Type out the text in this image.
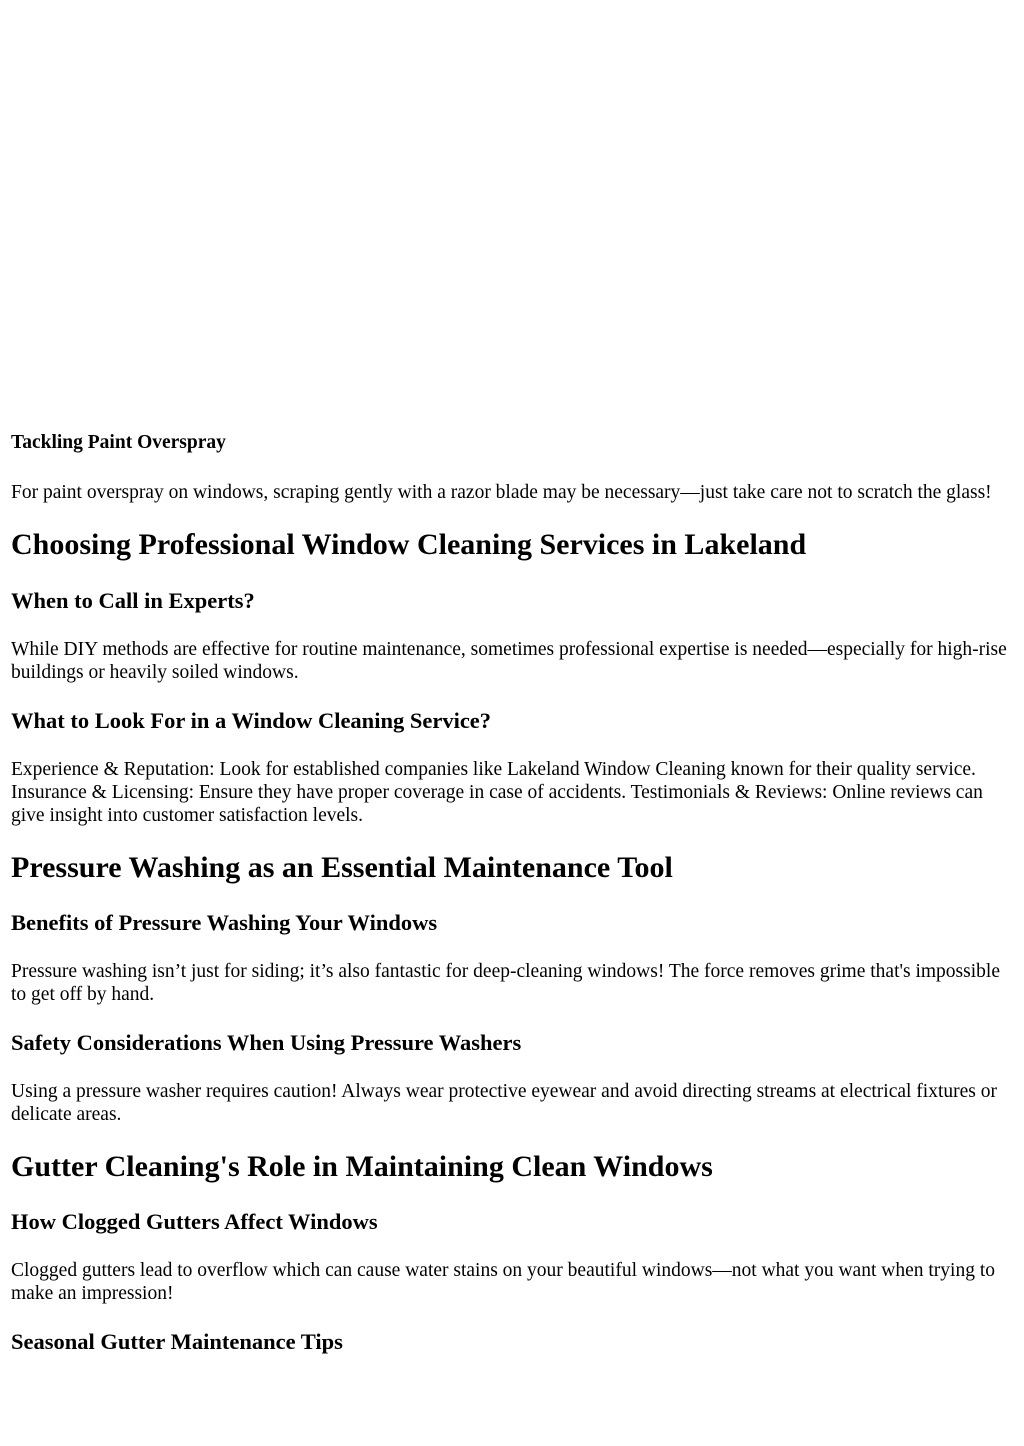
Tackling Paint Overspray

For paint overspray on windows, scraping gently with a razor blade may be necessary—just take care not to scratch the glass!

Choosing Professional Window Cleaning Services in Lakeland
When to Call in Experts?

While DIY methods are effective for routine maintenance, sometimes professional expertise is needed—especially for high-rise buildings or heavily soiled windows.

What to Look For in a Window Cleaning Service?

Experience & Reputation: Look for established companies like Lakeland Window Cleaning known for their quality service. Insurance & Licensing: Ensure they have proper coverage in case of accidents. Testimonials & Reviews: Online reviews can give insight into customer satisfaction levels.

Pressure Washing as an Essential Maintenance Tool
Benefits of Pressure Washing Your Windows

Pressure washing isn’t just for siding; it’s also fantastic for deep-cleaning windows! The force removes grime that's impossible to get off by hand.

Safety Considerations When Using Pressure Washers

Using a pressure washer requires caution! Always wear protective eyewear and avoid directing streams at electrical fixtures or delicate areas.

Gutter Cleaning's Role in Maintaining Clean Windows
How Clogged Gutters Affect Windows

Clogged gutters lead to overflow which can cause water stains on your beautiful windows—not what you want when trying to make an impression!

Seasonal Gutter Maintenance Tips
